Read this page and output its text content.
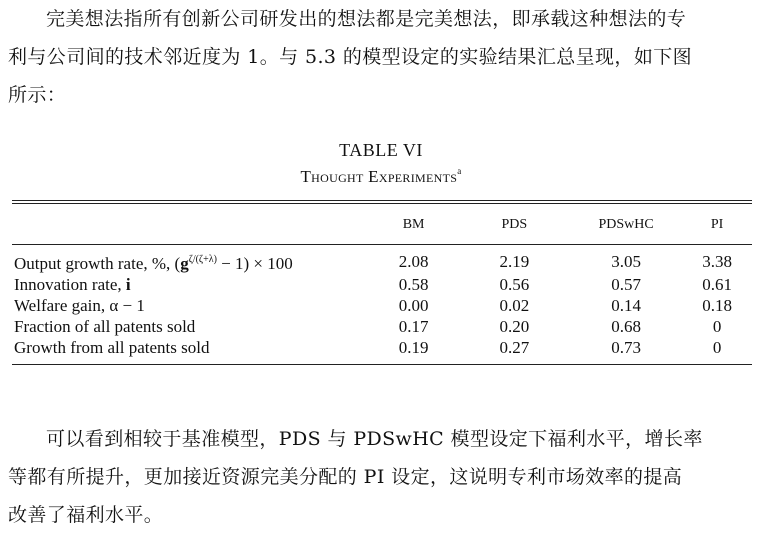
完美想法指所有创新公司研发出的想法都是完美想法，即承载这种想法的专
利与公司间的技术邻近度为 1。与 5.3 的模型设定的实验结果汇总呈现，如下图
所示：
TABLE VI
Thought Experiments$^a$
	BM	PDS	PDSwHC	PI
Output growth rate, %, $(g^{\zeta/(\zeta+\lambda)} - 1) \times 100$	2.08	2.19	3.05	3.38
Innovation rate, i	0.58	0.56	0.57	0.61
Welfare gain, α − 1	0.00	0.02	0.14	0.18
Fraction of all patents sold	0.17	0.20	0.68	0
Growth from all patents sold	0.19	0.27	0.73	0
可以看到相较于基准模型，PDS 与 PDSwHC 模型设定下福利水平，增长率
等都有所提升，更加接近资源完美分配的 PI 设定，这说明专利市场效率的提高
改善了福利水平。
